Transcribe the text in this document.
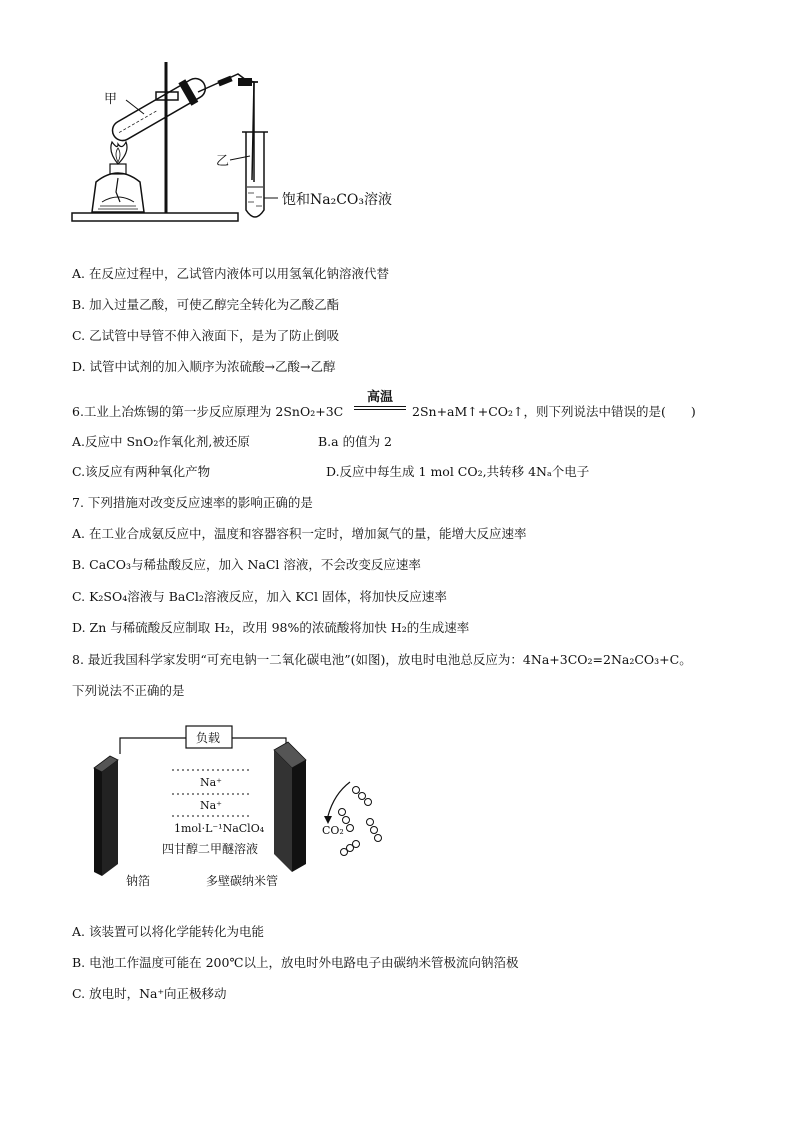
甲
乙
饱和Na₂CO₃溶液
A. 在反应过程中，乙试管内液体可以用氢氧化钠溶液代替
B. 加入过量乙酸，可使乙醇完全转化为乙酸乙酯
C. 乙试管中导管不伸入液面下，是为了防止倒吸
D. 试管中试剂的加入顺序为浓硫酸→乙酸→乙醇
高温
6.工业上冶炼锡的第一步反应原理为 2SnO₂+3C	2Sn+aM↑+CO₂↑，则下列说法中错误的是(　　)
A.反应中 SnO₂作氧化剂,被还原	B.a 的值为 2
C.该反应有两种氧化产物	D.反应中每生成 1 mol CO₂,共转移 4Nₐ个电子
7. 下列措施对改变反应速率的影响正确的是
A. 在工业合成氨反应中，温度和容器容积一定时，增加氮气的量，能增大反应速率
B. CaCO₃与稀盐酸反应，加入 NaCl 溶液，不会改变反应速率
C. K₂SO₄溶液与 BaCl₂溶液反应，加入 KCl 固体，将加快反应速率
D. Zn 与稀硫酸反应制取 H₂，改用 98%的浓硫酸将加快 H₂的生成速率
8. 最近我国科学家发明“可充电钠一二氧化碳电池”(如图)，放电时电池总反应为：4Na+3CO₂=2Na₂CO₃+C。
下列说法不正确的是
负载
Na⁺
Na⁺
1mol·L⁻¹NaClO₄
四甘醇二甲醚溶液
钠箔	多壁碳纳米管
CO₂
A. 该装置可以将化学能转化为电能
B. 电池工作温度可能在 200℃以上，放电时外电路电子由碳纳米管极流向钠箔极
C. 放电时，Na⁺向正极移动
